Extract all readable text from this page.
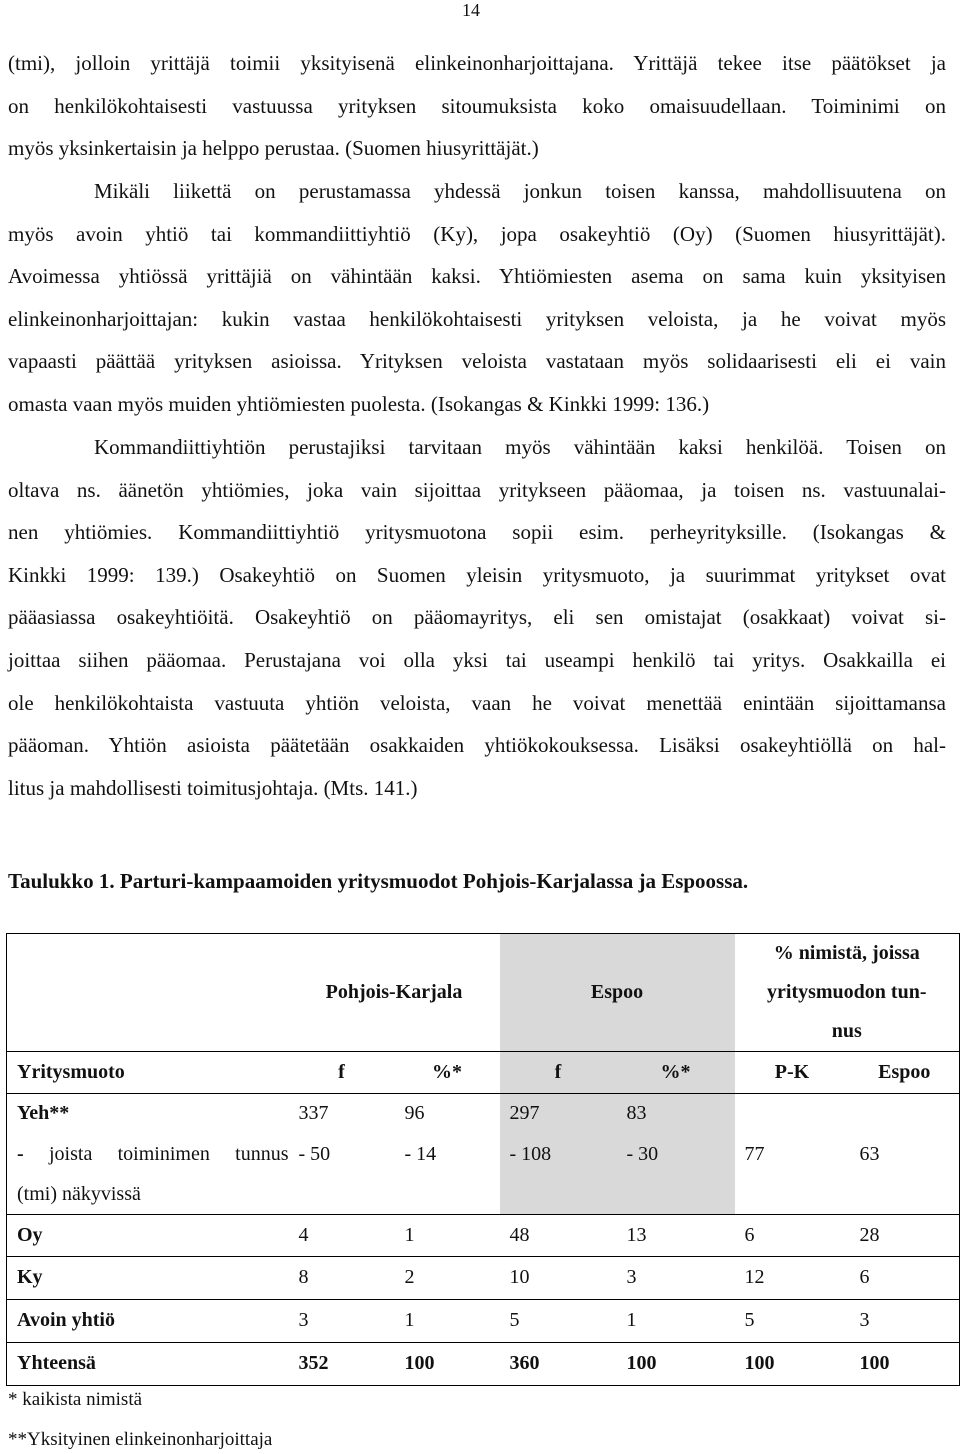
14

(tmi), jolloin yrittäjä toimii yksityisenä elinkeinonharjoittajana. Yrittäjä tekee itse päätökset ja
on henkilökohtaisesti vastuussa yrityksen sitoumuksista koko omaisuudellaan. Toiminimi on
myös yksinkertaisin ja helppo perustaa. (Suomen hiusyrittäjät.)

Mikäli liikettä on perustamassa yhdessä jonkun toisen kanssa, mahdollisuutena on
myös avoin yhtiö tai kommandiittiyhtiö (Ky), jopa osakeyhtiö (Oy) (Suomen hiusyrittäjät).
Avoimessa yhtiössä yrittäjiä on vähintään kaksi. Yhtiömiesten asema on sama kuin yksityisen
elinkeinonharjoittajan: kukin vastaa henkilökohtaisesti yrityksen veloista, ja he voivat myös
vapaasti päättää yrityksen asioissa. Yrityksen veloista vastataan myös solidaarisesti eli ei vain
omasta vaan myös muiden yhtiömiesten puolesta. (Isokangas & Kinkki 1999: 136.)

Kommandiittiyhtiön perustajiksi tarvitaan myös vähintään kaksi henkilöä. Toisen on
oltava ns. äänetön yhtiömies, joka vain sijoittaa yritykseen pääomaa, ja toisen ns. vastuunalai-
nen yhtiömies. Kommandiittiyhtiö yritysmuotona sopii esim. perheyrityksille. (Isokangas &
Kinkki 1999: 139.) Osakeyhtiö on Suomen yleisin yritysmuoto, ja suurimmat yritykset ovat
pääasiassa osakeyhtiöitä. Osakeyhtiö on pääomayritys, eli sen omistajat (osakkaat) voivat si-
joittaa siihen pääomaa. Perustajana voi olla yksi tai useampi henkilö tai yritys. Osakkailla ei
ole henkilökohtaista vastuuta yhtiön veloista, vaan he voivat menettää enintään sijoittamansa
pääoman. Yhtiön asioista päätetään osakkaiden yhtiökokouksessa. Lisäksi osakeyhtiöllä on hal-
litus ja mahdollisesti toimitusjohtaja. (Mts. 141.)

Taulukko 1. Parturi-kampaamoiden yritysmuodot Pohjois-Karjalassa ja Espoossa.

	Pohjois-Karjala		Espoo		% nimistä, joissa
yritysmuodon tun-
nus	

Yritysmuoto	f	%*	f	%*	P-K	Espoo
Yeh**	337	96	297	83		

- joista toiminimen tunnus
(tmi) näkyvissä	- 50	- 14	- 108	- 30	77	63
Oy	4	1	48	13	6	28
Ky	8	2	10	3	12	6
Avoin yhtiö	3	1	5	1	5	3
Yhteensä	352	100	360	100	100	100

* kaikista nimistä

**Yksityinen elinkeinonharjoittaja
